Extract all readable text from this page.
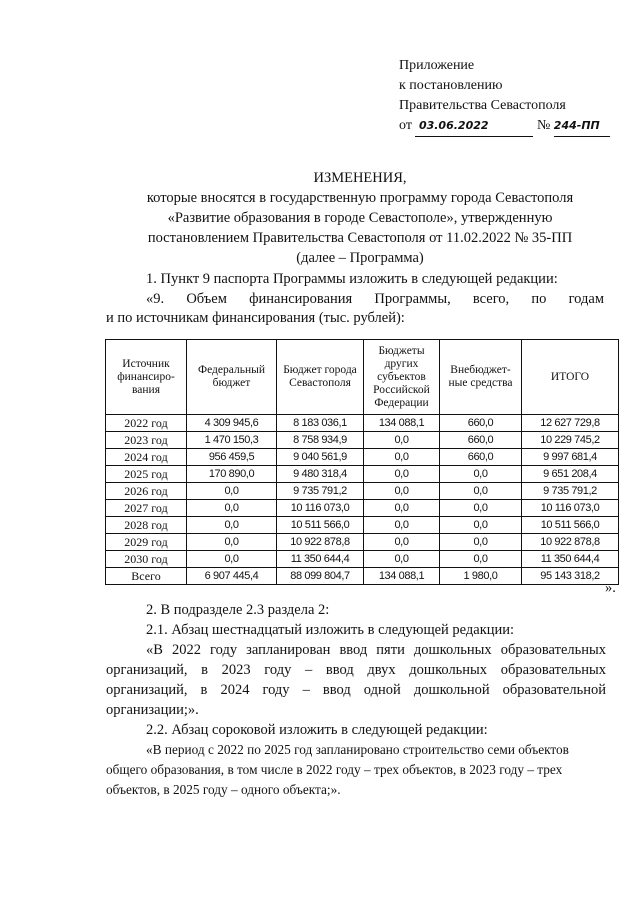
Приложение
к постановлению
Правительства Севастополя
от 03.06.2022	№ 244-ПП
ИЗМЕНЕНИЯ,
которые вносятся в государственную программу города Севастополя
«Развитие образования в городе Севастополе», утвержденную
постановлением Правительства Севастополя от 11.02.2022 № 35-ПП
(далее – Программа)
1. Пункт 9 паспорта Программы изложить в следующей редакции:
«9. Объем финансирования Программы, всего, по годам
и по источникам финансирования (тыс. рублей):
Источник финансиро-вания	Федеральный бюджет	Бюджет города Севастополя	Бюджеты других субъектов Российской Федерации	Внебюджет-ные средства	ИТОГО
2022 год	4 309 945,6	8 183 036,1	134 088,1	660,0	12 627 729,8
2023 год	1 470 150,3	8 758 934,9	0,0	660,0	10 229 745,2
2024 год	956 459,5	9 040 561,9	0,0	660,0	9 997 681,4
2025 год	170 890,0	9 480 318,4	0,0	0,0	9 651 208,4
2026 год	0,0	9 735 791,2	0,0	0,0	9 735 791,2
2027 год	0,0	10 116 073,0	0,0	0,0	10 116 073,0
2028 год	0,0	10 511 566,0	0,0	0,0	10 511 566,0
2029 год	0,0	10 922 878,8	0,0	0,0	10 922 878,8
2030 год	0,0	11 350 644,4	0,0	0,0	11 350 644,4
Всего	6 907 445,4	88 099 804,7	134 088,1	1 980,0	95 143 318,2
».
2. В подразделе 2.3 раздела 2:
2.1. Абзац шестнадцатый изложить в следующей редакции:
«В 2022 году запланирован ввод пяти дошкольных образовательных
организаций, в 2023 году – ввод двух дошкольных образовательных
организаций, в 2024 году – ввод одной дошкольной образовательной
организации;».
2.2. Абзац сороковой изложить в следующей редакции:
«В период с 2022 по 2025 год запланировано строительство семи объектов
общего образования, в том числе в 2022 году – трех объектов, в 2023 году – трех
объектов, в 2025 году – одного объекта;».
